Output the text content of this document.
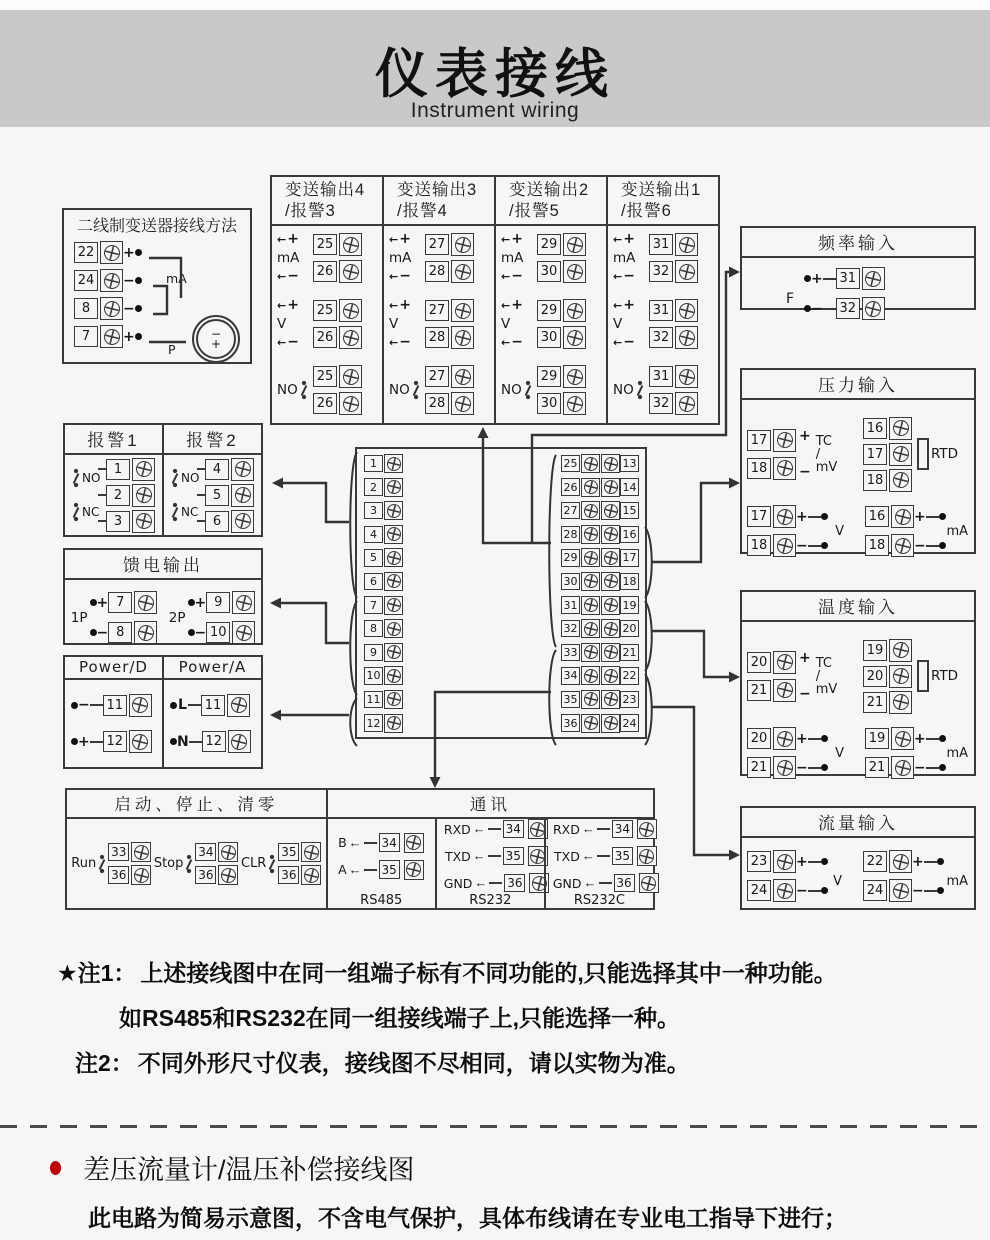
仪表接线
Instrument wiring
二线制变送器接线方法
22 +
24 −
8	−
7	+
mA
P
−
+
变送输出4
/报警3
← +
mA
← −
25
26
← +
V
← −
25
26
NO
25
26
变送输出3
/报警4
← +
mA
← −
27
28
← +
V
← −
27
28
NO
27
28
变送输出2
/报警5
← +
mA
← −
29
30
← +
V
← −
29
30
NO
29
30
变送输出1
/报警6
← +
mA
← −
31
32
← +
V
← −
31
32
NO
31
32
频率输入
+ 31
F
− 32
压力输入
17
18
+
−
TC
/
mV
16
17
18
RTD
17 +
18 −
V
16 +
18 −
mA
温度输入
20
21
+
−
TC
/
mV
19
20
21
RTD
20 +
21 −
V
19 +
21 −
mA
流量输入
23 +
24 −
V
22 +
24 −
mA
报警1
NO
NC
1
2
3
报警2
NO
NC
4
5
6
馈电输出
1P
+ 7
− 8
2P
+ 9
− 10
Power/D
− 11
+ 12
Power/A
L 11
N 12
1
2
3
4
5
6
7
8
9
10
11
12
25	13
26	14
27	15
28	16
29	17
30	18
31	19
32	20
33	21
34	22
35	23
36	24
启动、停止、清零
Run
33
36
Stop
34
36
CLR
35
36
通讯
B ←	34
A ←	35
RS485
RXD ←	34
TXD ←	35
GND ←	36
RS232
RXD ←	34
TXD ←	35
GND ←	36
RS232C
★注1： 上述接线图中在同一组端子标有不同功能的,只能选择其中一种功能。
如RS485和RS232在同一组接线端子上,只能选择一种。
注2： 不同外形尺寸仪表，接线图不尽相同，请以实物为准。
差压流量计/温压补偿接线图
此电路为简易示意图，不含电气保护，具体布线请在专业电工指导下进行；
